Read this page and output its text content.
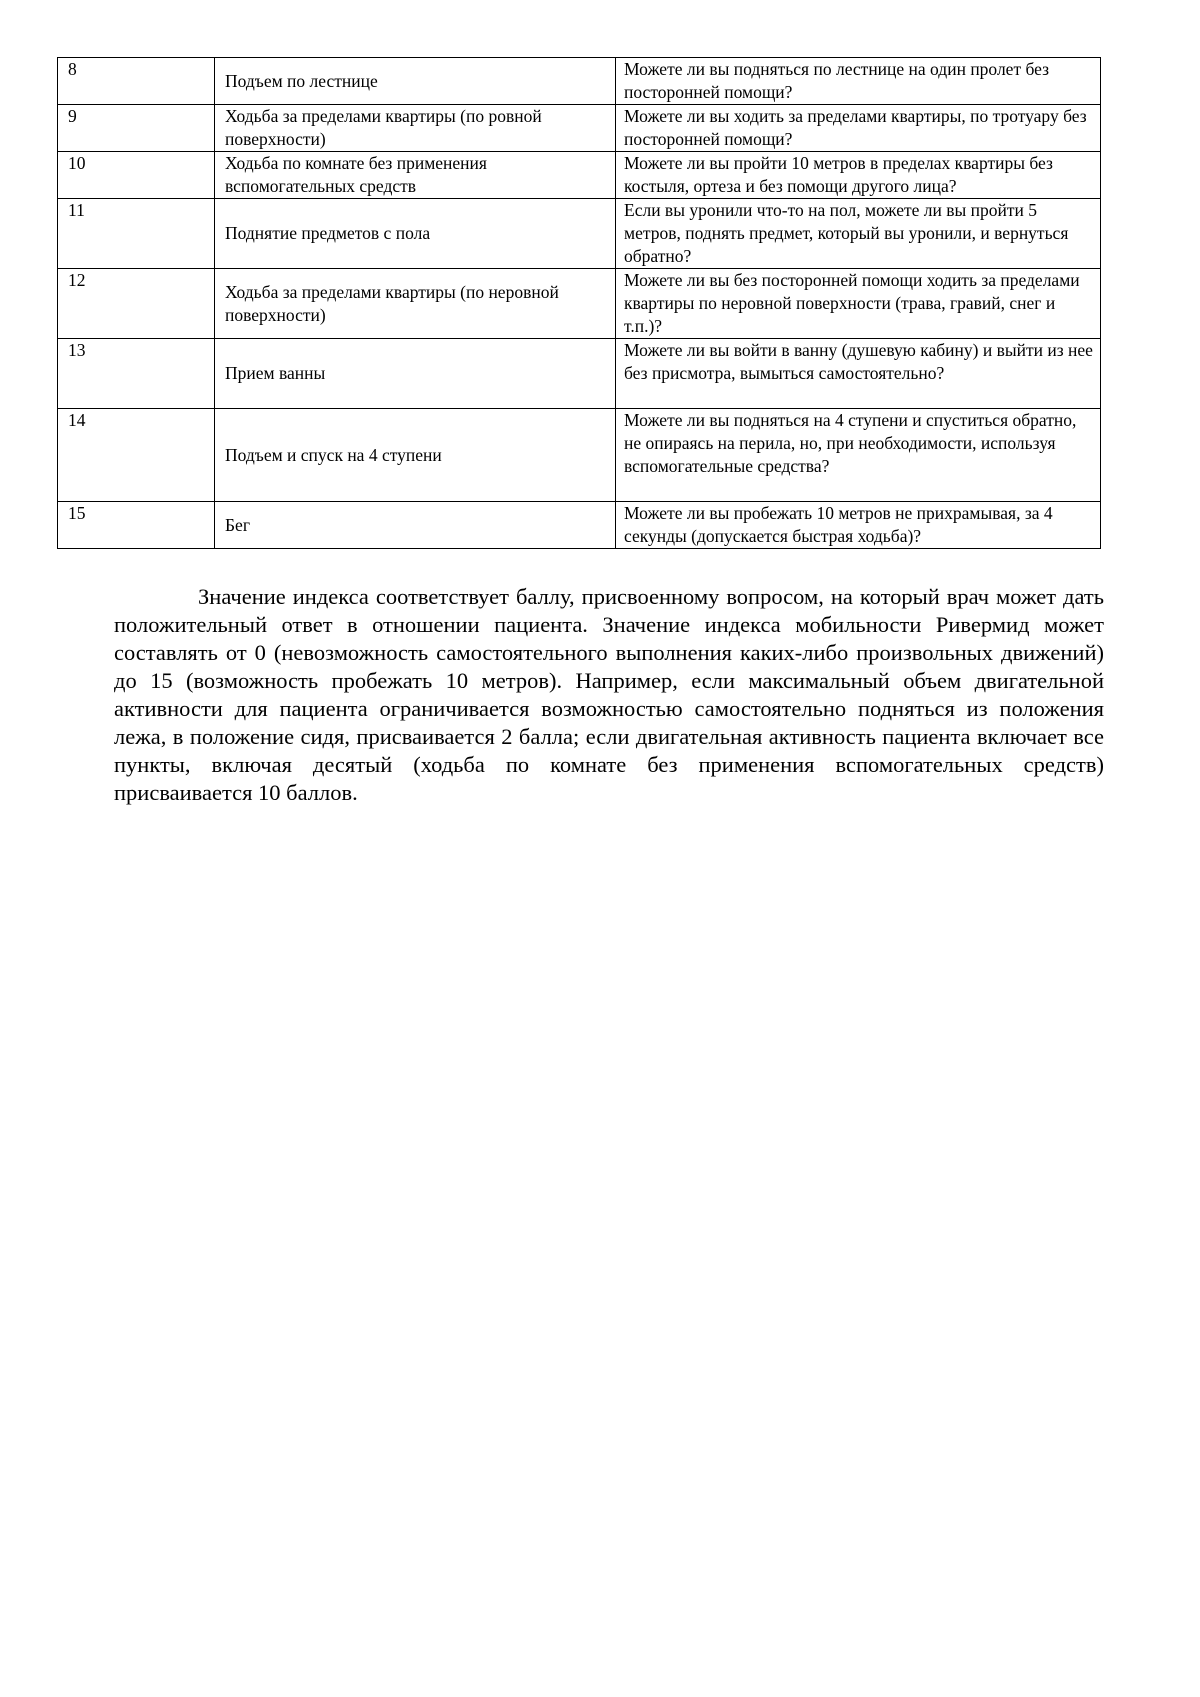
8	Подъем по лестнице	Можете ли вы подняться по лестнице на один пролет без посторонней помощи?
9	Ходьба за пределами квартиры (по ровной поверхности)	Можете ли вы ходить за пределами квартиры, по тротуару без посторонней помощи?
10	Ходьба по комнате без применения вспомогательных средств	Можете ли вы пройти 10 метров в пределах квартиры без костыля, ортеза и без помощи другого лица?
11	Поднятие предметов с пола	Если вы уронили что-то на пол, можете ли вы пройти 5 метров, поднять предмет, который вы уронили, и вернуться обратно?
12	Ходьба за пределами квартиры (по неровной поверхности)	Можете ли вы без посторонней помощи ходить за пределами квартиры по неровной поверхности (трава, гравий, снег и т.п.)?
13	Прием ванны	Можете ли вы войти в ванну (душевую кабину) и выйти из нее без присмотра, вымыться самостоятельно?
14	Подъем и спуск на 4 ступени	Можете ли вы подняться на 4 ступени и спуститься обратно, не опираясь на перила, но, при необходимости, используя вспомогательные средства?
15	Бег	Можете ли вы пробежать 10 метров не прихрамывая, за 4 секунды (допускается быстрая ходьба)?

Значение индекса соответствует баллу, присвоенному вопросом, на который врач может дать положительный ответ в отношении пациента. Значение индекса мобильности Ривермид может составлять от 0 (невозможность самостоятельного выполнения каких-либо произвольных движений) до 15 (возможность пробежать 10 метров). Например, если максимальный объем двигательной активности для пациента ограничивается возможностью самостоятельно подняться из положения лежа, в положение сидя, присваивается 2 балла; если двигательная активность пациента включает все пункты, включая десятый (ходьба по комнате без применения вспомогательных средств) присваивается 10 баллов.
